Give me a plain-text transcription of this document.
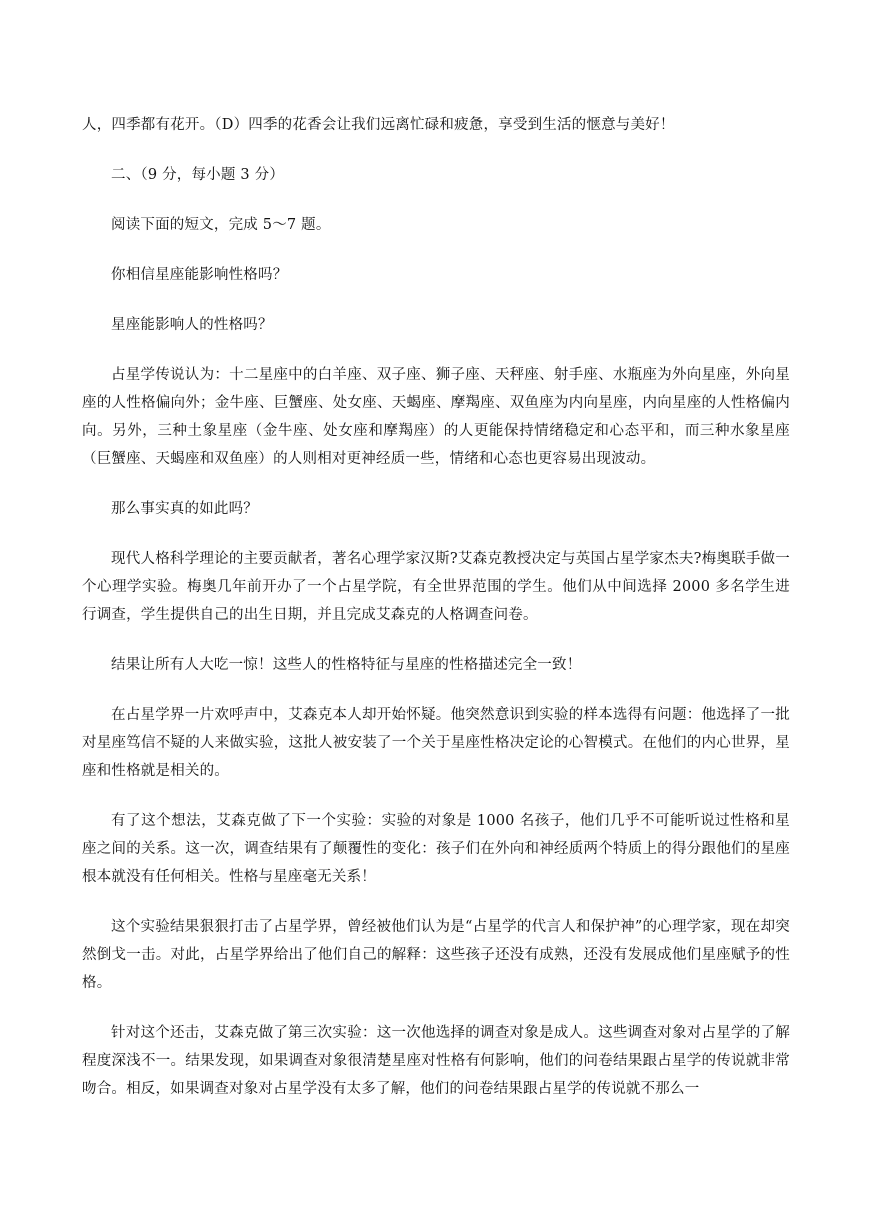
人，四季都有花开。（D）四季的花香会让我们远离忙碌和疲惫，享受到生活的惬意与美好！

二、（9 分，每小题 3 分）

阅读下面的短文，完成 5～7 题。

你相信星座能影响性格吗？

星座能影响人的性格吗？

占星学传说认为：十二星座中的白羊座、双子座、狮子座、天秤座、射手座、水瓶座为外向星座，外向星座的人性格偏向外；金牛座、巨蟹座、处女座、天蝎座、摩羯座、双鱼座为内向星座，内向星座的人性格偏内向。另外，三种土象星座（金牛座、处女座和摩羯座）的人更能保持情绪稳定和心态平和，而三种水象星座（巨蟹座、天蝎座和双鱼座）的人则相对更神经质一些，情绪和心态也更容易出现波动。

那么事实真的如此吗？

现代人格科学理论的主要贡献者，著名心理学家汉斯?艾森克教授决定与英国占星学家杰夫?梅奥联手做一个心理学实验。梅奥几年前开办了一个占星学院，有全世界范围的学生。他们从中间选择 2000 多名学生进行调查，学生提供自己的出生日期，并且完成艾森克的人格调查问卷。

结果让所有人大吃一惊！这些人的性格特征与星座的性格描述完全一致！

在占星学界一片欢呼声中，艾森克本人却开始怀疑。他突然意识到实验的样本选得有问题：他选择了一批对星座笃信不疑的人来做实验，这批人被安装了一个关于星座性格决定论的心智模式。在他们的内心世界，星座和性格就是相关的。

有了这个想法，艾森克做了下一个实验：实验的对象是 1000 名孩子，他们几乎不可能听说过性格和星座之间的关系。这一次，调查结果有了颠覆性的变化：孩子们在外向和神经质两个特质上的得分跟他们的星座根本就没有任何相关。性格与星座毫无关系！

这个实验结果狠狠打击了占星学界，曾经被他们认为是“占星学的代言人和保护神”的心理学家，现在却突然倒戈一击。对此，占星学界给出了他们自己的解释：这些孩子还没有成熟，还没有发展成他们星座赋予的性格。

针对这个还击，艾森克做了第三次实验：这一次他选择的调查对象是成人。这些调查对象对占星学的了解程度深浅不一。结果发现，如果调查对象很清楚星座对性格有何影响，他们的问卷结果跟占星学的传说就非常吻合。相反，如果调查对象对占星学没有太多了解，他们的问卷结果跟占星学的传说就不那么一
